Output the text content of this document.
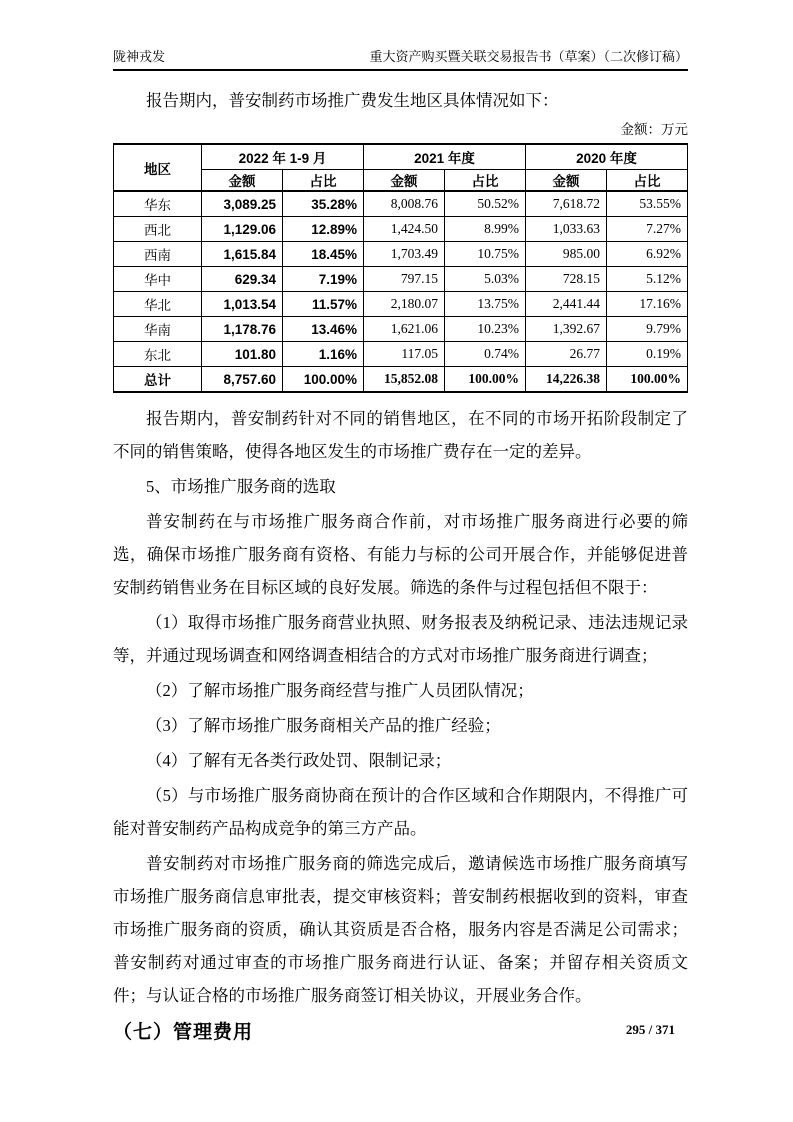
陇神戎发	重大资产购买暨关联交易报告书（草案）（二次修订稿）

报告期内，普安制药市场推广费发生地区具体情况如下：

金额：万元
地区	2022 年 1-9 月		2021 年度		2020 年度	
	金额	占比	金额	占比	金额	占比
华东	3,089.25	35.28%	8,008.76	50.52%	7,618.72	53.55%
西北	1,129.06	12.89%	1,424.50	8.99%	1,033.63	7.27%
西南	1,615.84	18.45%	1,703.49	10.75%	985.00	6.92%
华中	629.34	7.19%	797.15	5.03%	728.15	5.12%
华北	1,013.54	11.57%	2,180.07	13.75%	2,441.44	17.16%
华南	1,178.76	13.46%	1,621.06	10.23%	1,392.67	9.79%
东北	101.80	1.16%	117.05	0.74%	26.77	0.19%
总计	8,757.60	100.00%	15,852.08	100.00%	14,226.38	100.00%

报告期内，普安制药针对不同的销售地区，在不同的市场开拓阶段制定了不同的销售策略，使得各地区发生的市场推广费存在一定的差异。

5、市场推广服务商的选取

普安制药在与市场推广服务商合作前，对市场推广服务商进行必要的筛选，确保市场推广服务商有资格、有能力与标的公司开展合作，并能够促进普安制药销售业务在目标区域的良好发展。筛选的条件与过程包括但不限于：

（1）取得市场推广服务商营业执照、财务报表及纳税记录、违法违规记录等，并通过现场调查和网络调查相结合的方式对市场推广服务商进行调查；

（2）了解市场推广服务商经营与推广人员团队情况；

（3）了解市场推广服务商相关产品的推广经验；

（4）了解有无各类行政处罚、限制记录；

（5）与市场推广服务商协商在预计的合作区域和合作期限内，不得推广可能对普安制药产品构成竞争的第三方产品。

普安制药对市场推广服务商的筛选完成后，邀请候选市场推广服务商填写市场推广服务商信息审批表，提交审核资料；普安制药根据收到的资料，审查市场推广服务商的资质，确认其资质是否合格，服务内容是否满足公司需求；普安制药对通过审查的市场推广服务商进行认证、备案；并留存相关资质文件；与认证合格的市场推广服务商签订相关协议，开展业务合作。

（七）管理费用	295 / 371
